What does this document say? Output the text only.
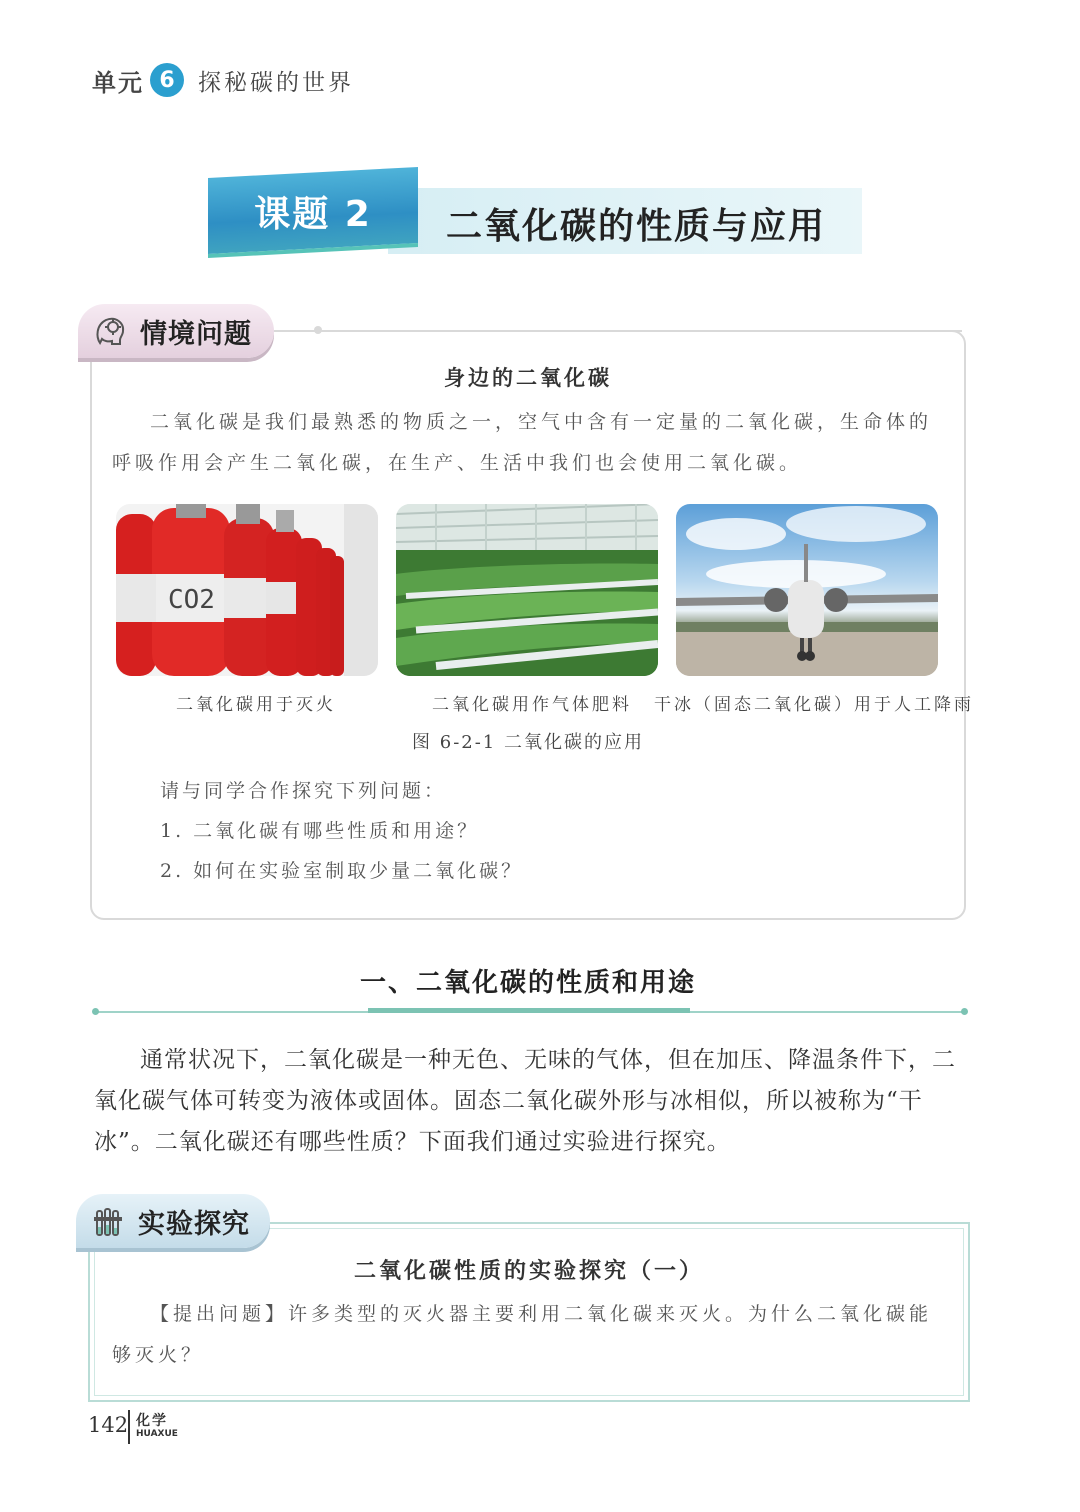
单元 6	探秘碳的世界
课题 2	二氧化碳的性质与应用
情境问题
身边的二氧化碳

二氧化碳是我们最熟悉的物质之一，空气中含有一定量的二氧化碳，生命体的呼吸作用会产生二氧化碳，在生产、生活中我们也会使用二氧化碳。

CO2
二氧化碳用于灭火	二氧化碳用作气体肥料 干冰（固态二氧化碳）用于人工降雨
图 6-2-1 二氧化碳的应用
请与同学合作探究下列问题：
1. 二氧化碳有哪些性质和用途？
2. 如何在实验室制取少量二氧化碳？
一、二氧化碳的性质和用途

通常状况下，二氧化碳是一种无色、无味的气体，但在加压、降温条件下，二氧化碳气体可转变为液体或固体。固态二氧化碳外形与冰相似，所以被称为“干冰”。二氧化碳还有哪些性质？下面我们通过实验进行探究。

实验探究
二氧化碳性质的实验探究（一）

【提出问题】许多类型的灭火器主要利用二氧化碳来灭火。为什么二氧化碳能够灭火？

142 化学
HUAXUE
